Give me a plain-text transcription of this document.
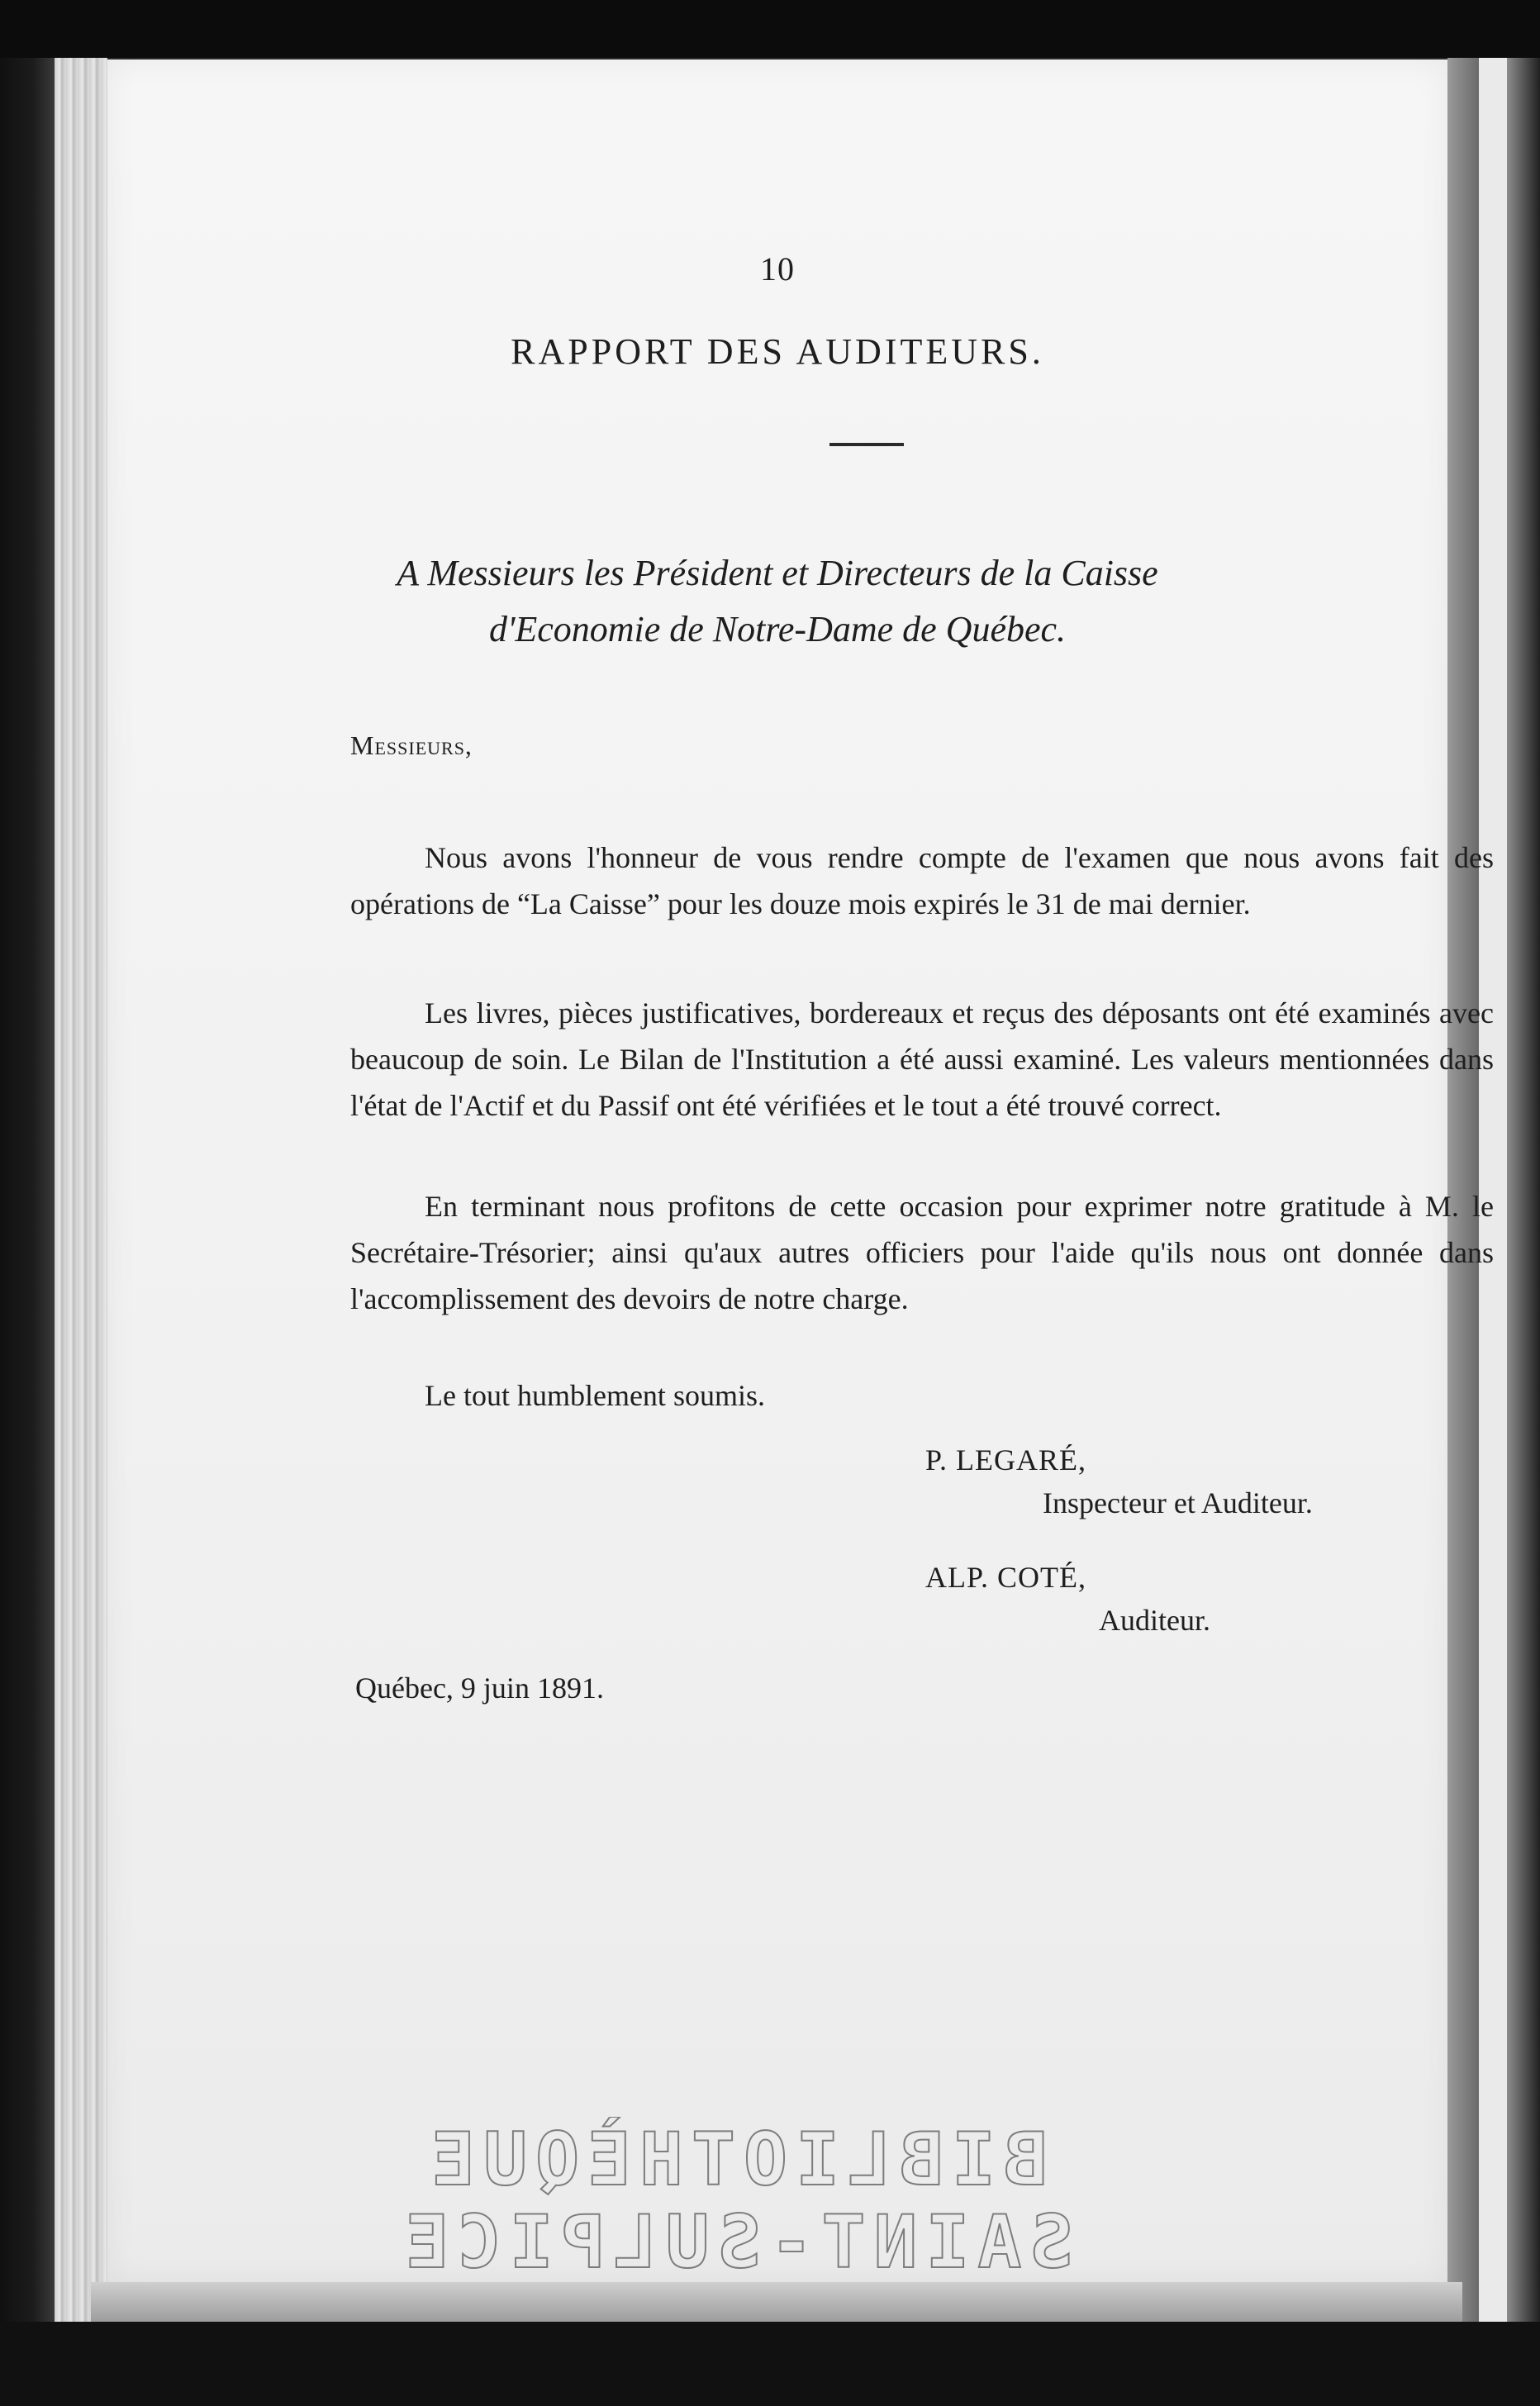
10

RAPPORT DES AUDITEURS.
A Messieurs les Président et Directeurs de la Caisse
d'Economie de Notre-Dame de Québec.

Messieurs,

Nous avons l'honneur de vous rendre compte de l'examen que nous avons fait des opérations de “La Caisse” pour les douze mois expirés le 31 de mai dernier.

Les livres, pièces justificatives, bordereaux et reçus des déposants ont été examinés avec beaucoup de soin. Le Bilan de l'Institution a été aussi examiné. Les valeurs mentionnées dans l'état de l'Actif et du Passif ont été vérifiées et le tout a été trouvé correct.

En terminant nous profitons de cette occasion pour exprimer notre gratitude à M. le Secrétaire-Trésorier; ainsi qu'aux autres officiers pour l'aide qu'ils nous ont donnée dans l'accomplissement des devoirs de notre charge.

Le tout humblement soumis.

P. LEGARÉ,

Inspecteur et Auditeur.

ALP. COTÉ,

Auditeur.

Québec, 9 juin 1891.

BIBLIOTHÈQUE
SAINT-SULPICE
